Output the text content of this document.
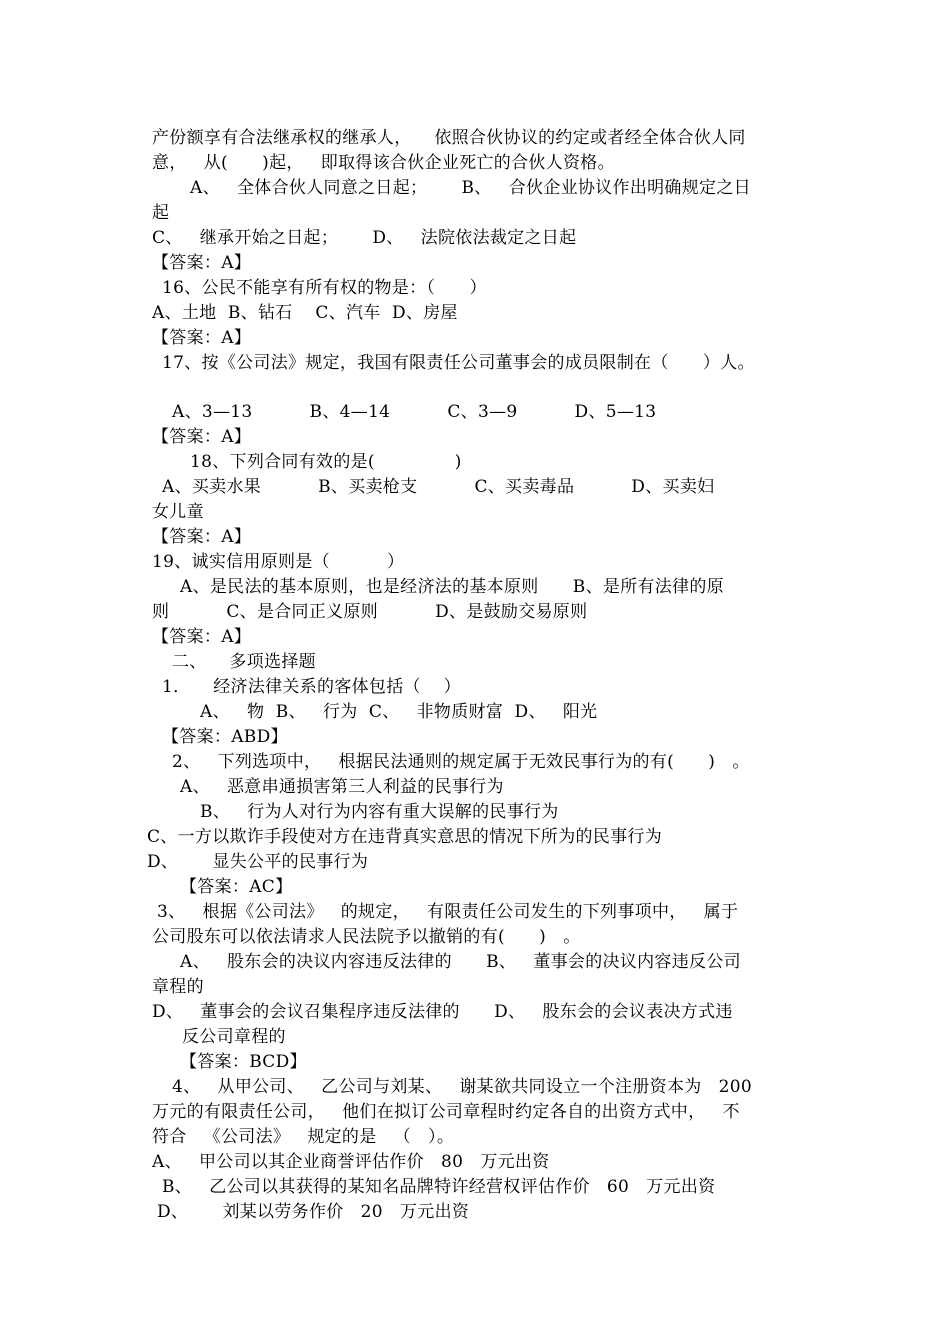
产份额享有合法继承权的继承人，    依照合伙协议的约定或者经全体合伙人同
意，   从(      )起，   即取得该合伙企业死亡的合伙人资格。
A、   全体合伙人同意之日起；      B、   合伙企业协议作出明确规定之日
起
C、   继承开始之日起；      D、   法院依法裁定之日起
【答案：A】
16、公民不能享有所有权的物是：（      ）
A、土地  B、钻石    C、汽车  D、房屋
【答案：A】
17、按《公司法》规定，我国有限责任公司董事会的成员限制在（      ）人。
A、3—13          B、4—14          C、3—9          D、5—13
【答案：A】
18、下列合同有效的是(              )
A、买卖水果          B、买卖枪支          C、买卖毒品          D、买卖妇
女儿童
【答案：A】
19、诚实信用原则是（          ）
A、是民法的基本原则，也是经济法的基本原则      B、是所有法律的原
则          C、是合同正义原则          D、是鼓励交易原则
【答案：A】
二、    多项选择题
1．    经济法律关系的客体包括（    ）
A、   物  B、   行为  C、   非物质财富  D、   阳光
【答案：ABD】
2、   下列选项中，   根据民法通则的规定属于无效民事行为的有(      )   。
A、   恶意串通损害第三人利益的民事行为
B、   行为人对行为内容有重大误解的民事行为
C、一方以欺诈手段使对方在违背真实意思的情况下所为的民事行为
D、      显失公平的民事行为
【答案：AC】
3、   根据《公司法》   的规定，   有限责任公司发生的下列事项中，   属于
公司股东可以依法请求人民法院予以撤销的有(      )   。
A、   股东会的决议内容违反法律的      B、   董事会的决议内容违反公司
章程的
D、   董事会的会议召集程序违反法律的      D、   股东会的会议表决方式违
反公司章程的
【答案：BCD】
4、   从甲公司、   乙公司与刘某、   谢某欲共同设立一个注册资本为   200
万元的有限责任公司，   他们在拟订公司章程时约定各自的出资方式中，   不
符合   《公司法》   规定的是   （   ）。
A、   甲公司以其企业商誉评估作价   80   万元出资
B、   乙公司以其获得的某知名品牌特许经营权评估作价   60   万元出资
D、      刘某以劳务作价   20   万元出资
